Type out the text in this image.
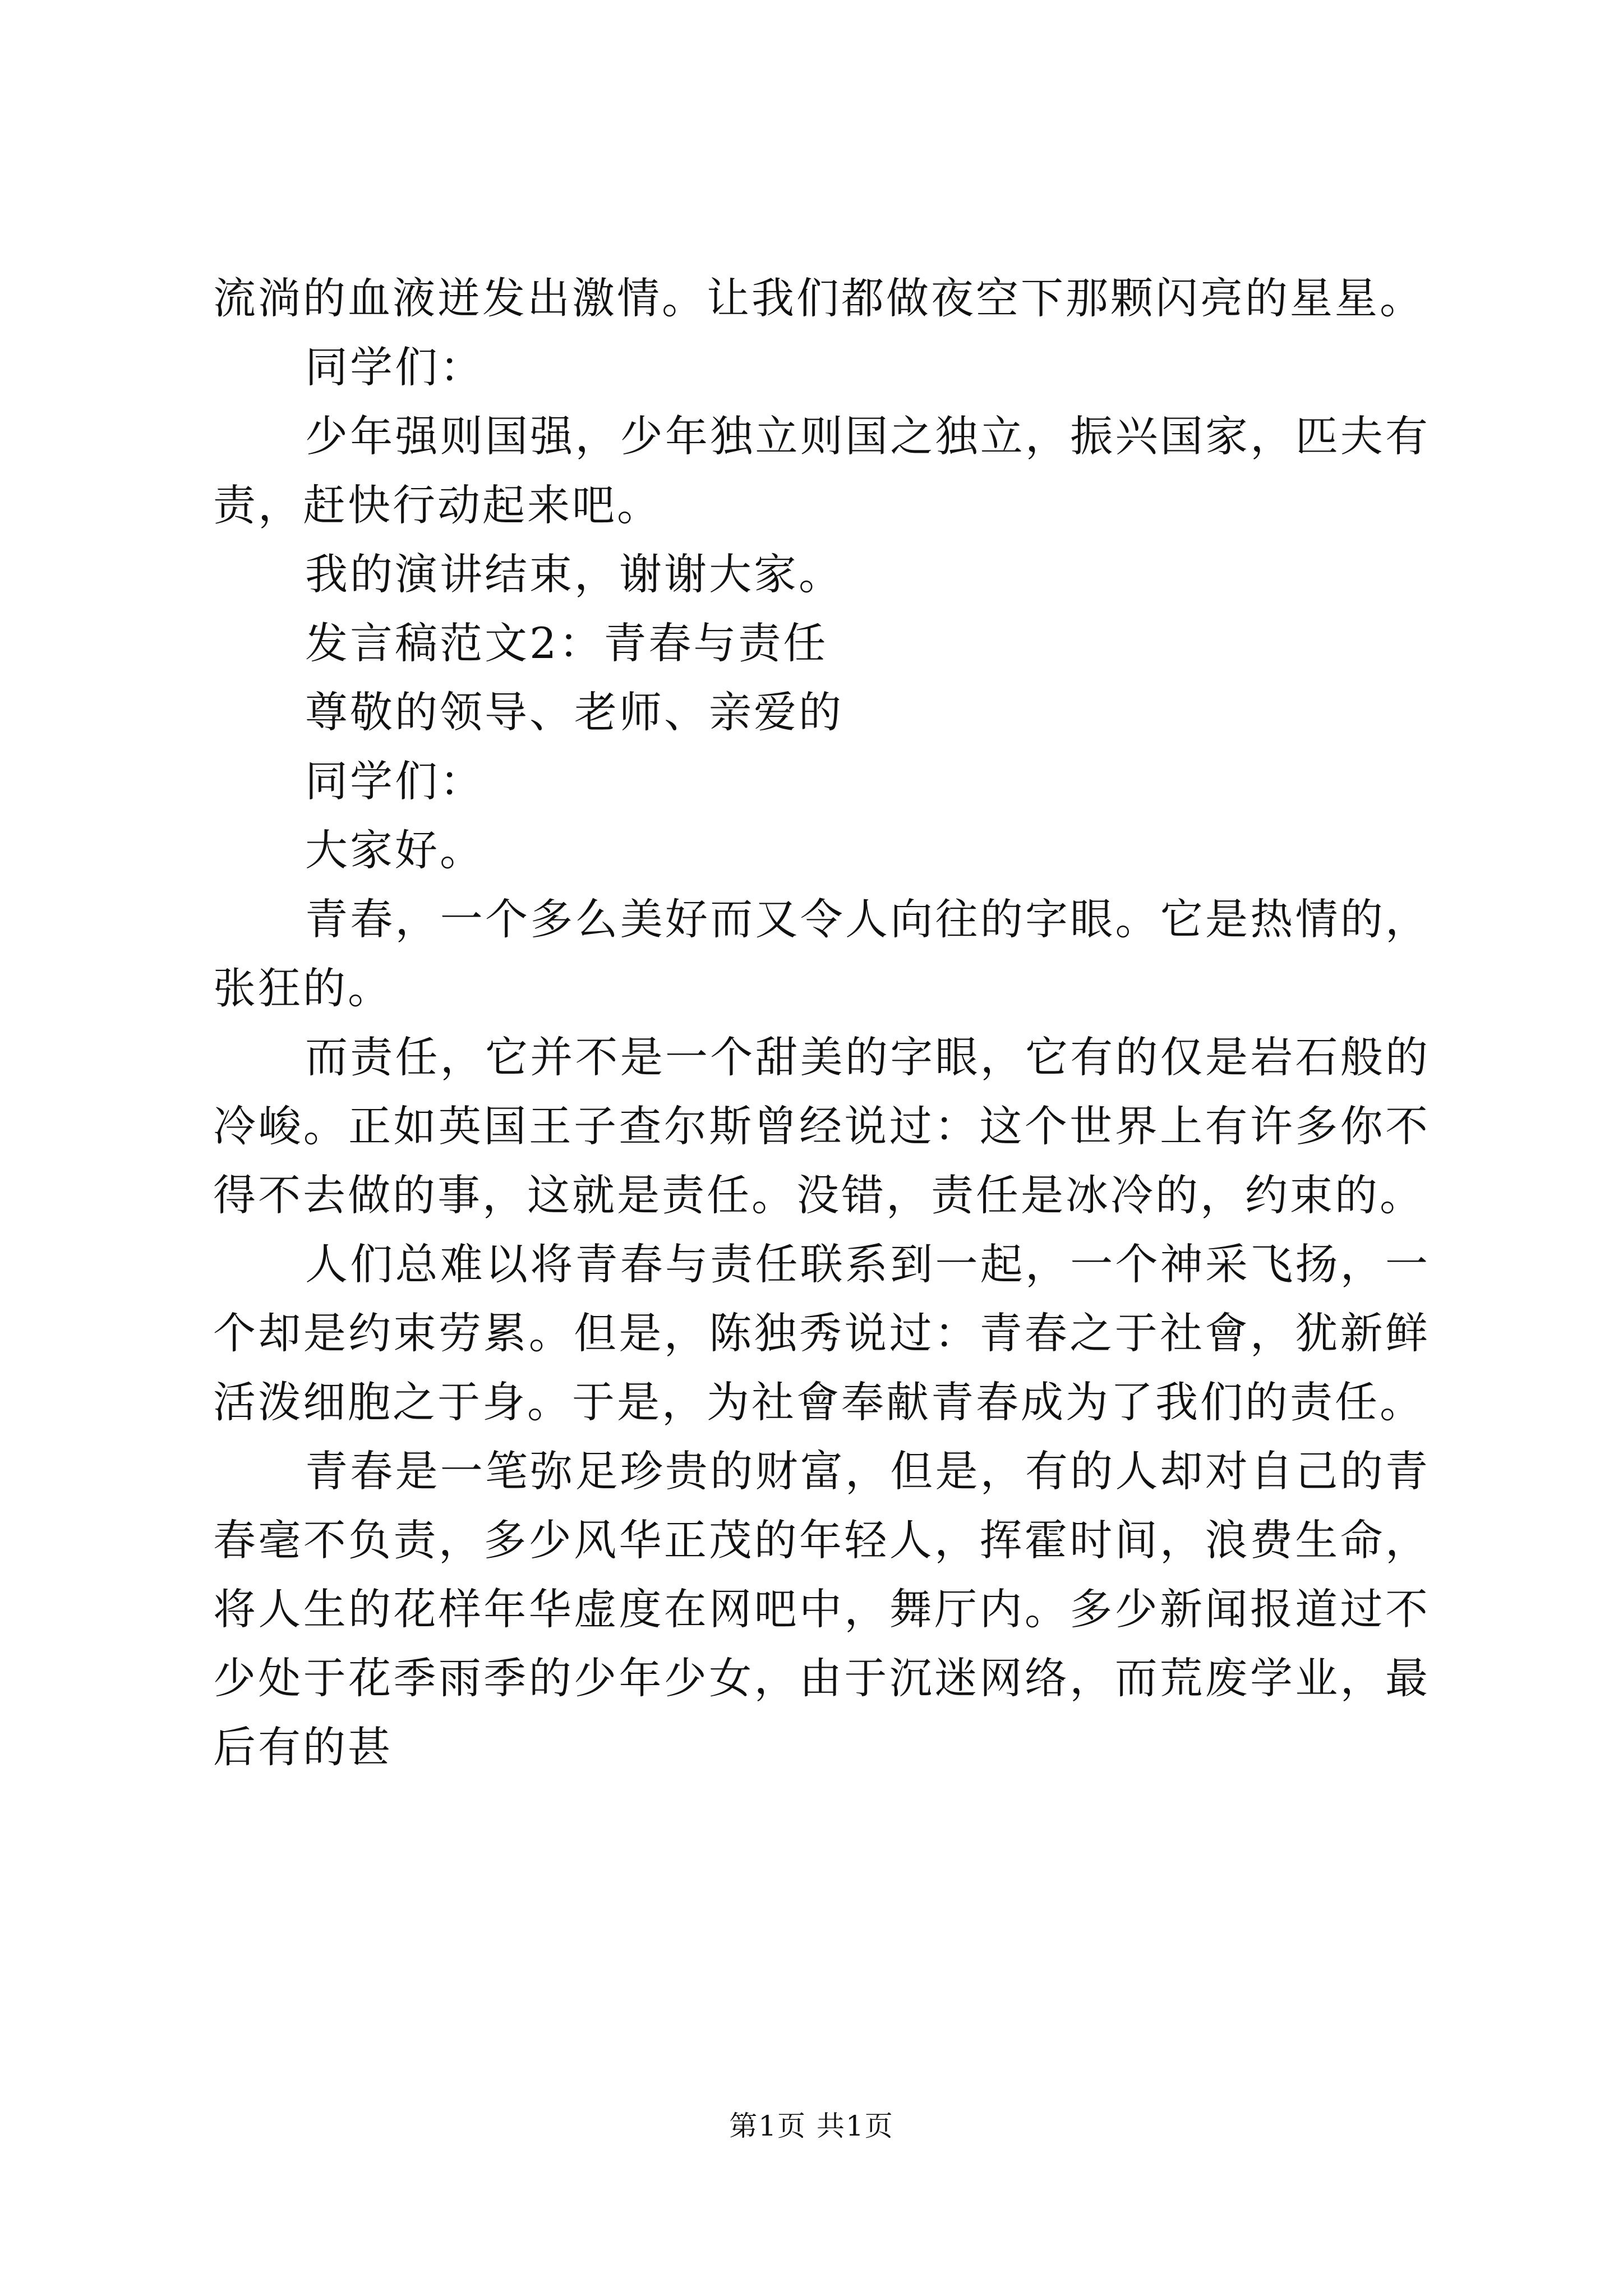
流淌的血液迸发出激情。让我们都做夜空下那颗闪亮的星星。

同学们：

少年强则国强，少年独立则国之独立，振兴国家，匹夫有责，赶快行动起来吧。

我的演讲结束，谢谢大家。

发言稿范文2：青春与责任

尊敬的领导、老师、亲爱的

同学们：

大家好。

青春，一个多么美好而又令人向往的字眼。它是热情的，张狂的。

而责任，它并不是一个甜美的字眼，它有的仅是岩石般的冷峻。正如英国王子查尔斯曾经说过：这个世界上有许多你不得不去做的事，这就是责任。没错，责任是冰冷的，约束的。

人们总难以将青春与责任联系到一起，一个神采飞扬，一个却是约束劳累。但是，陈独秀说过：青春之于社會，犹新鲜活泼细胞之于身。于是，为社會奉献青春成为了我们的责任。

青春是一笔弥足珍贵的财富，但是，有的人却对自己的青春毫不负责，多少风华正茂的年轻人，挥霍时间，浪费生命，将人生的花样年华虚度在网吧中，舞厅内。多少新闻报道过不少处于花季雨季的少年少女，由于沉迷网络，而荒废学业，最后有的甚

第1页 共1页
